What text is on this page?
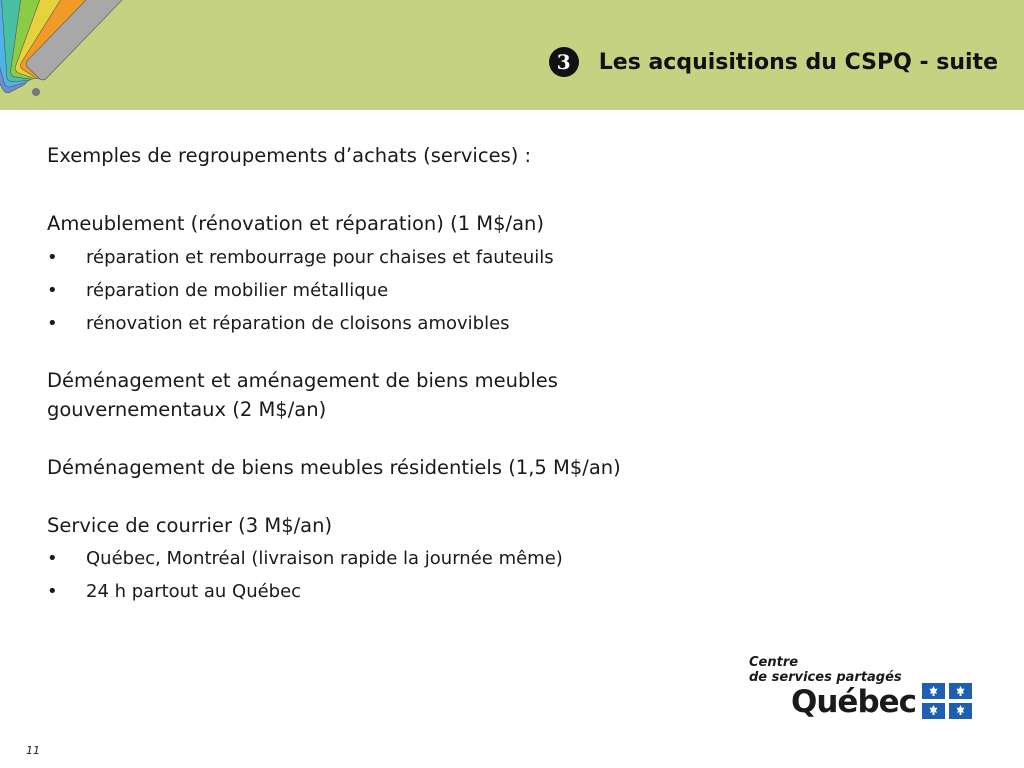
3	Les acquisitions du CSPQ - suite
Exemples de regroupements d’achats (services) :
Ameublement (rénovation et réparation) (1 M$/an)
• réparation et rembourrage pour chaises et fauteuils
• réparation de mobilier métallique
• rénovation et réparation de cloisons amovibles
Déménagement et aménagement de biens meubles
gouvernementaux (2 M$/an)
Déménagement de biens meubles résidentiels (1,5 M$/an)
Service de courrier (3 M$/an)
• Québec, Montréal (livraison rapide la journée même)
• 24 h partout au Québec
Centre
de services partagés
Québec
11
